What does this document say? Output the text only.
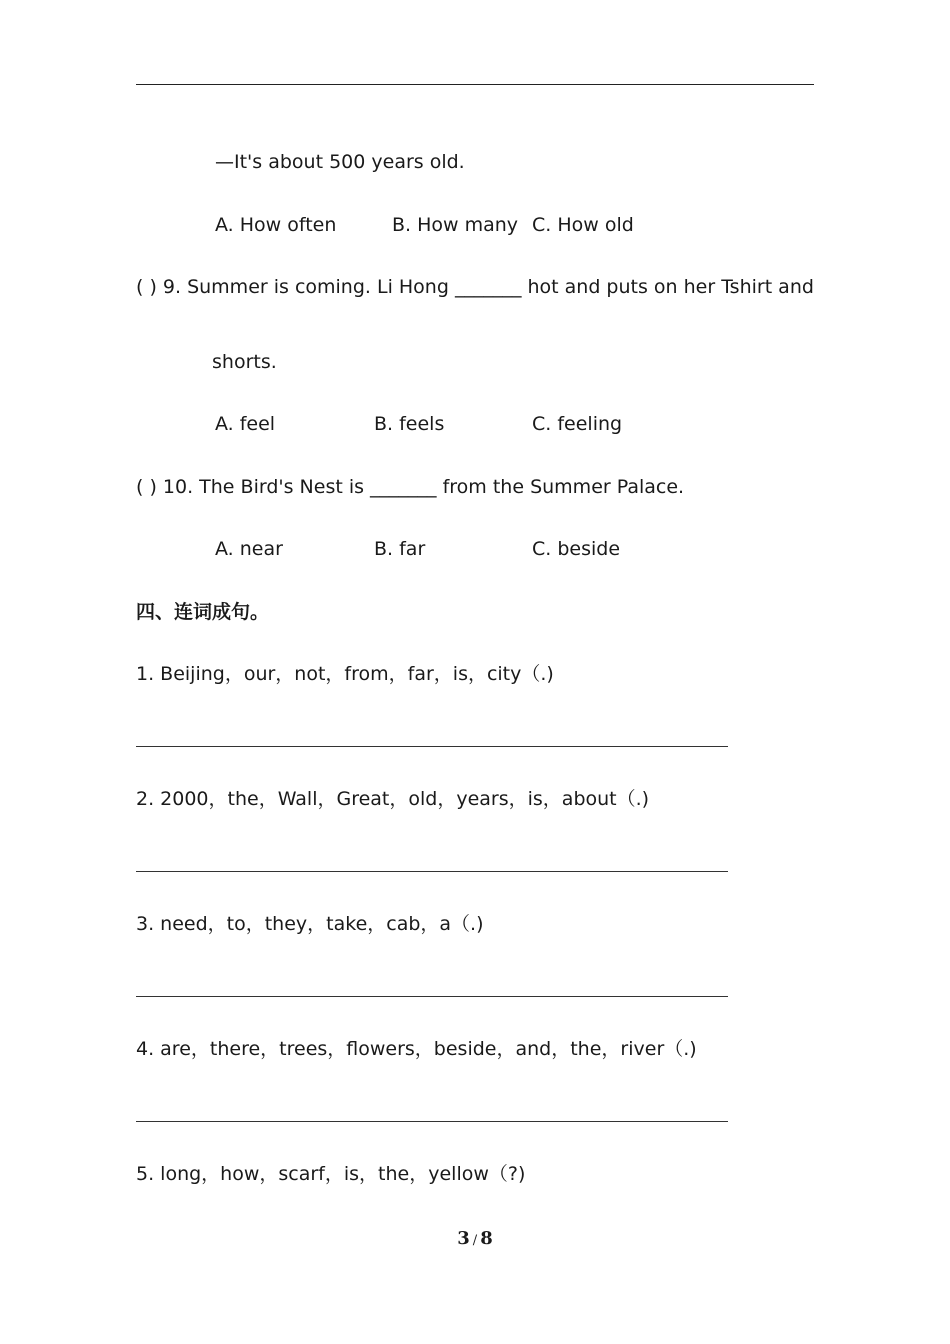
—It's about 500 years old.
A. How often	B. How many C. How old
( ) 9. Summer is coming. Li Hong _______ hot and puts on her Tshirt and
shorts.
A. feel	B. feels	C. feeling
( ) 10. The Bird's Nest is _______ from the Summer Palace.
A. near	B. far	C. beside
四、连词成句。
1. Beijing，our，not，from，far，is，city（.)
2. 2000，the，Wall，Great，old，years，is，about（.)
3. need，to，they，take，cab，a（.)
4. are，there，trees，flowers，beside，and，the，river（.)
5. long，how，scarf，is，the，yellow（?)
3 / 8
